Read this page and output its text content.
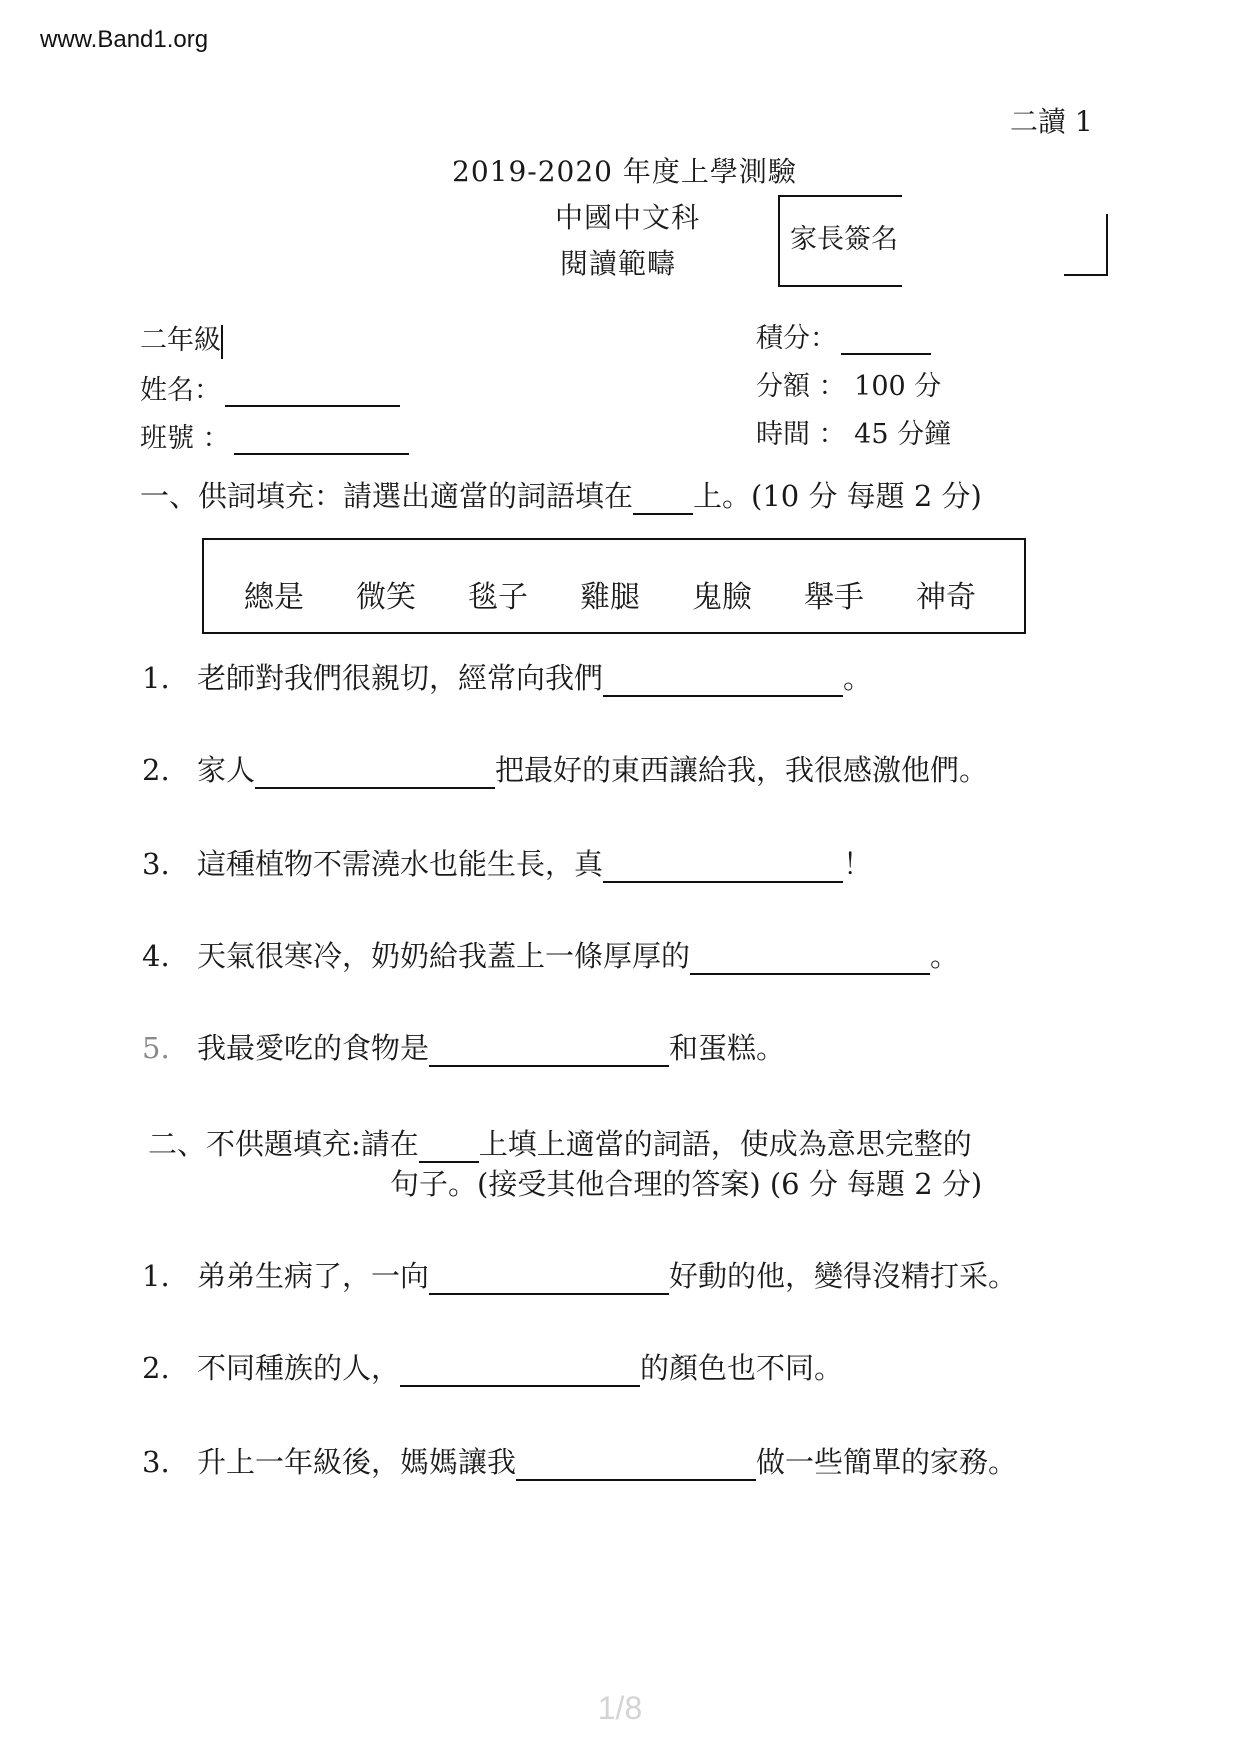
www.Band1.org
二讀 1
2019-2020 年度上學測驗
中國中文科
閱讀範疇
家長簽名
二年級
姓名：
班號 ：
積分：
分額 ： 100 分
時間 ： 45 分鐘
一、供詞填充：請選出適當的詞語填在 上。(10 分 每題 2 分)
總是 微笑 毯子 雞腿 鬼臉 舉手 神奇
1. 老師對我們很親切，經常向我們	。
2. 家人	把最好的東西讓給我，我很感激他們。
3. 這種植物不需澆水也能生長，真	！
4. 天氣很寒冷，奶奶給我蓋上一條厚厚的	。
5. 我最愛吃的食物是	和蛋糕。
二、不供題填充:請在 上填上適當的詞語，使成為意思完整的
句子。(接受其他合理的答案) (6 分 每題 2 分)
1. 弟弟生病了，一向	好動的他，變得沒精打采。
2. 不同種族的人，	的顏色也不同。
3. 升上一年級後，媽媽讓我	做一些簡單的家務。
1/8
